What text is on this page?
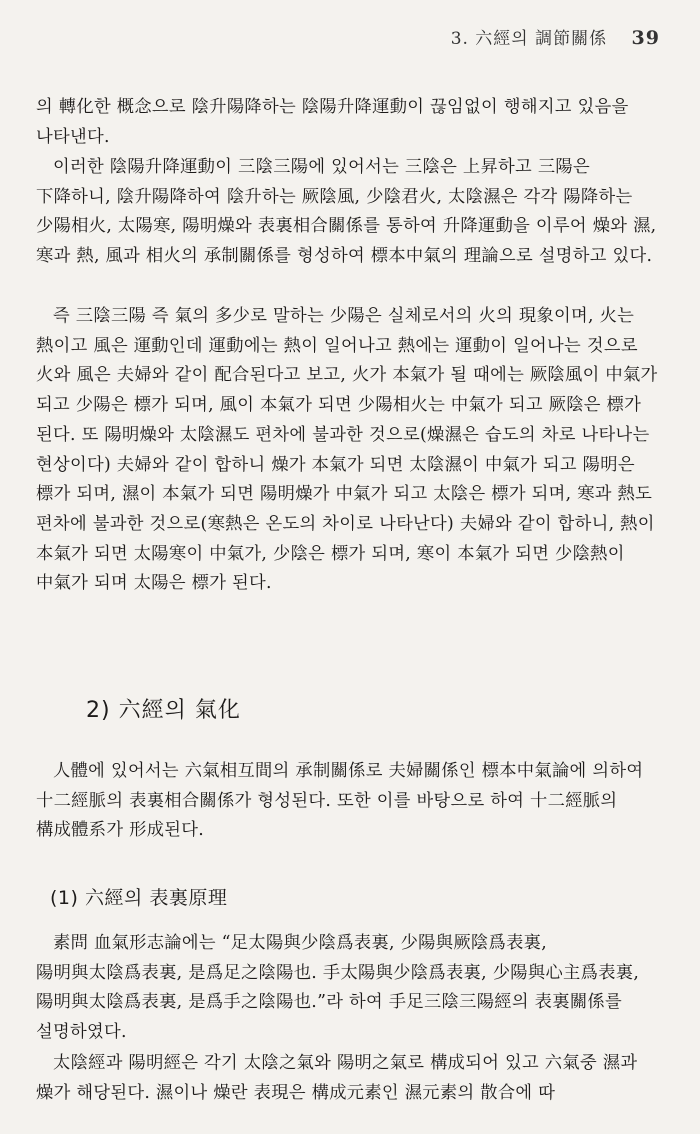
3. 六經의 調節關係 39
의 轉化한 概念으로 陰升陽降하는 陰陽升降運動이 끊임없이 행해지고 있음을 나타낸다.
이러한 陰陽升降運動이 三陰三陽에 있어서는 三陰은 上昇하고 三陽은 下降하니, 陰升陽降하여 陰升하는 厥陰風, 少陰君火, 太陰濕은 각각 陽降하는 少陽相火, 太陽寒, 陽明燥와 表裏相合關係를 통하여 升降運動을 이루어 燥와 濕, 寒과 熱, 風과 相火의 承制關係를 형성하여 標本中氣의 理論으로 설명하고 있다.
즉 三陰三陽 즉 氣의 多少로 말하는 少陽은 실체로서의 火의 現象이며, 火는 熱이고 風은 運動인데 運動에는 熱이 일어나고 熱에는 運動이 일어나는 것으로 火와 風은 夫婦와 같이 配合된다고 보고, 火가 本氣가 될 때에는 厥陰風이 中氣가 되고 少陽은 標가 되며, 風이 本氣가 되면 少陽相火는 中氣가 되고 厥陰은 標가 된다. 또 陽明燥와 太陰濕도 편차에 불과한 것으로(燥濕은 습도의 차로 나타나는 현상이다) 夫婦와 같이 합하니 燥가 本氣가 되면 太陰濕이 中氣가 되고 陽明은 標가 되며, 濕이 本氣가 되면 陽明燥가 中氣가 되고 太陰은 標가 되며, 寒과 熱도 편차에 불과한 것으로(寒熱은 온도의 차이로 나타난다) 夫婦와 같이 합하니, 熱이 本氣가 되면 太陽寒이 中氣가, 少陰은 標가 되며, 寒이 本氣가 되면 少陰熱이 中氣가 되며 太陽은 標가 된다.
2) 六經의 氣化
人體에 있어서는 六氣相互間의 承制關係로 夫婦關係인 標本中氣論에 의하여 十二經脈의 表裏相合關係가 형성된다. 또한 이를 바탕으로 하여 十二經脈의 構成體系가 形成된다.
(1) 六經의 表裏原理
素問 血氣形志論에는 “足太陽與少陰爲表裏, 少陽與厥陰爲表裏, 陽明與太陰爲表裏, 是爲足之陰陽也. 手太陽與少陰爲表裏, 少陽與心主爲表裏, 陽明與太陰爲表裏, 是爲手之陰陽也.”라 하여 手足三陰三陽經의 表裏關係를 설명하였다.
太陰經과 陽明經은 각기 太陰之氣와 陽明之氣로 構成되어 있고 六氣중 濕과 燥가 해당된다. 濕이나 燥란 表現은 構成元素인 濕元素의 散合에 따
